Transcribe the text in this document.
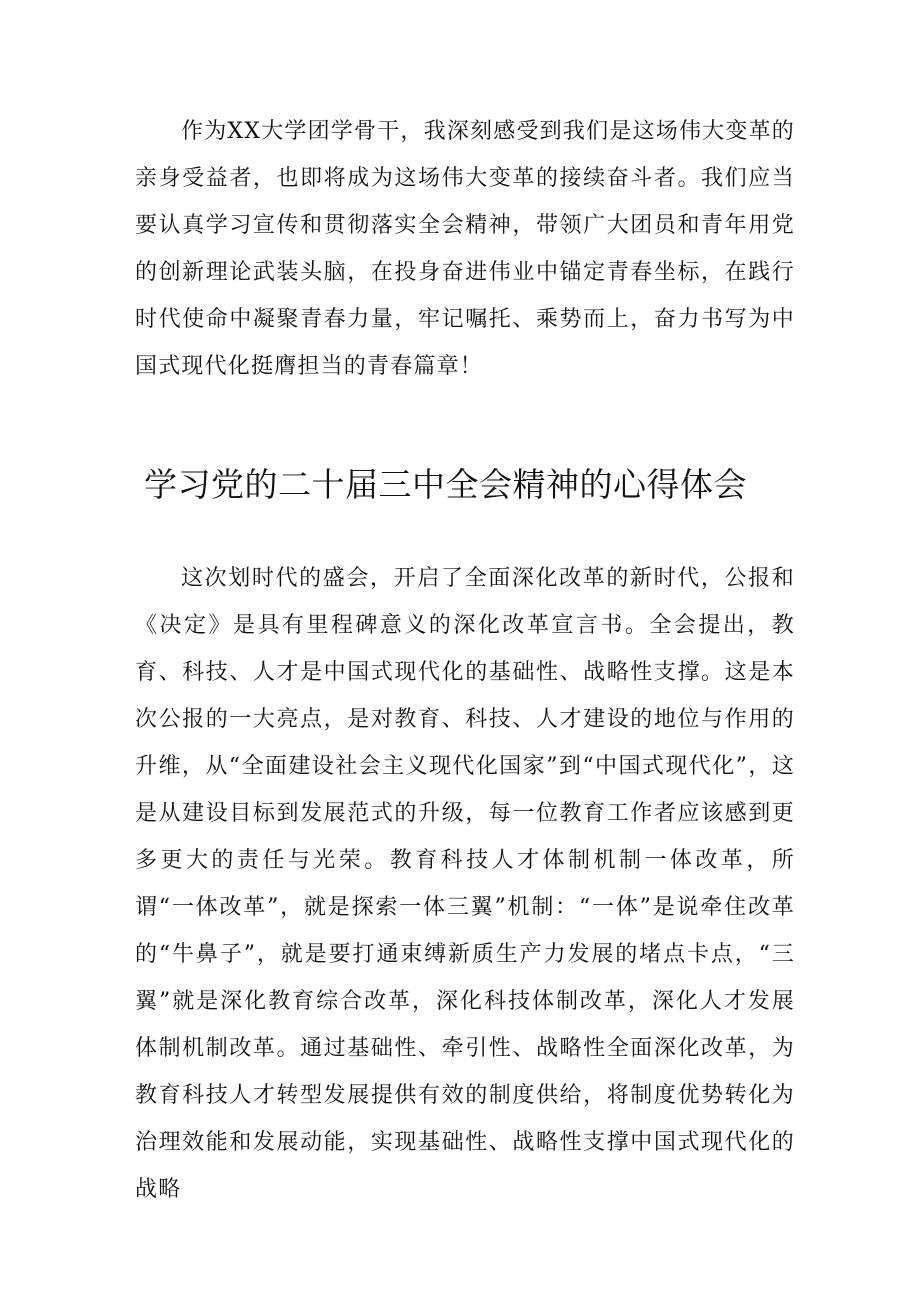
作为XX大学团学骨干，我深刻感受到我们是这场伟大变革的亲身受益者，也即将成为这场伟大变革的接续奋斗者。我们应当要认真学习宣传和贯彻落实全会精神，带领广大团员和青年用党的创新理论武装头脑，在投身奋进伟业中锚定青春坐标，在践行时代使命中凝聚青春力量，牢记嘱托、乘势而上，奋力书写为中国式现代化挺膺担当的青春篇章！

学习党的二十届三中全会精神的心得体会

这次划时代的盛会，开启了全面深化改革的新时代，公报和《决定》是具有里程碑意义的深化改革宣言书。全会提出，教育、科技、人才是中国式现代化的基础性、战略性支撑。这是本次公报的一大亮点，是对教育、科技、人才建设的地位与作用的升维，从“全面建设社会主义现代化国家”到“中国式现代化”，这是从建设目标到发展范式的升级，每一位教育工作者应该感到更多更大的责任与光荣。教育科技人才体制机制一体改革，所谓“一体改革”，就是探索一体三翼”机制：“一体”是说牵住改革的“牛鼻子”，就是要打通束缚新质生产力发展的堵点卡点，“三翼”就是深化教育综合改革，深化科技体制改革，深化人才发展体制机制改革。通过基础性、牵引性、战略性全面深化改革，为教育科技人才转型发展提供有效的制度供给，将制度优势转化为治理效能和发展动能，实现基础性、战略性支撑中国式现代化的战略
